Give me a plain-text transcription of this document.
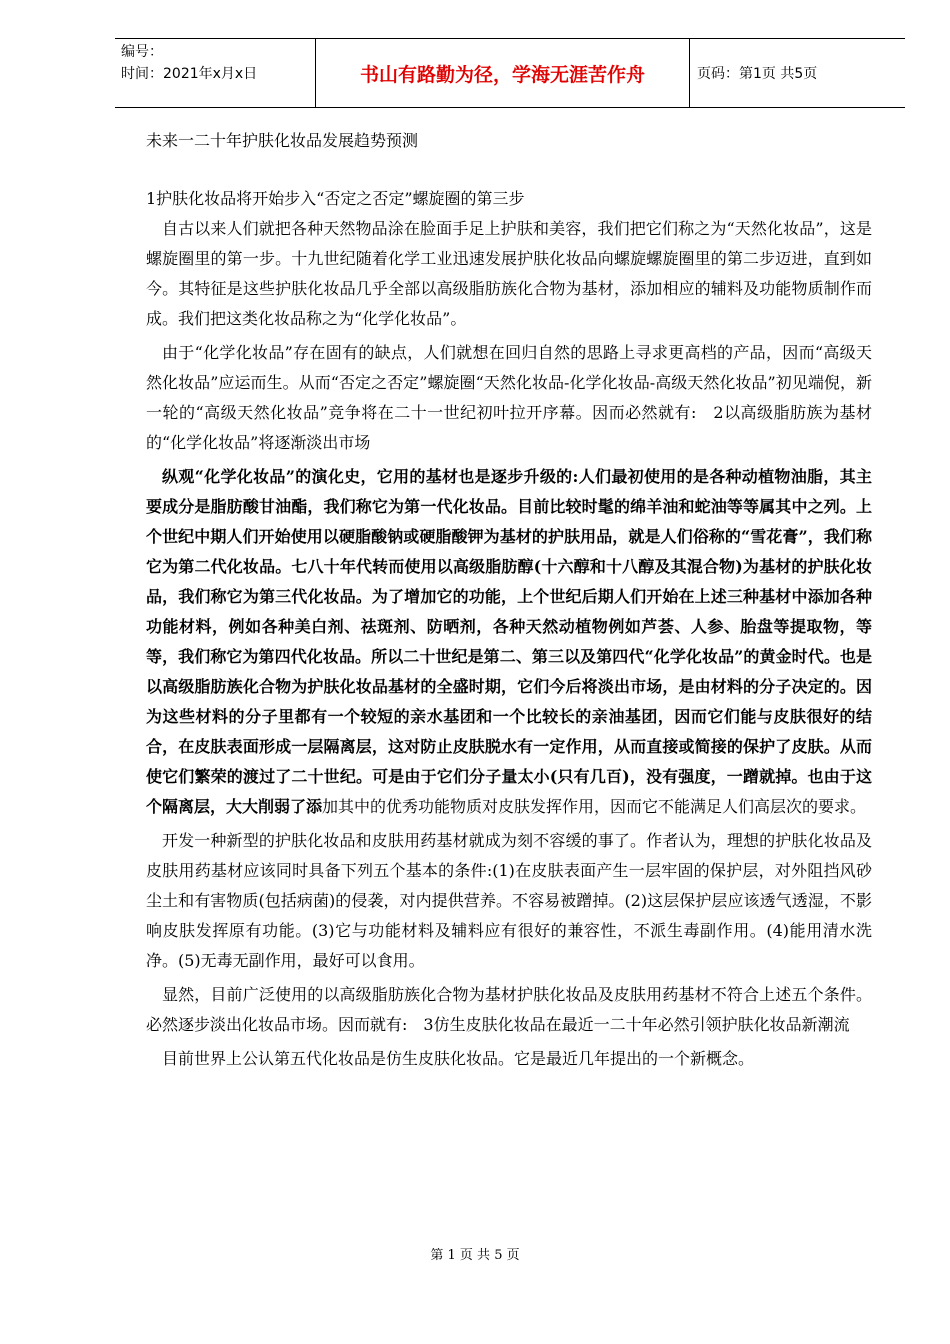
编号：
时间：2021年x月x日	书山有路勤为径，学海无涯苦作舟	页码：第1页 共5页
未来一二十年护肤化妆品发展趋势预测
1护肤化妆品将开始步入“否定之否定”螺旋圈的第三步

自古以来人们就把各种天然物品涂在脸面手足上护肤和美容，我们把它们称之为“天然化妆品”，这是螺旋圈里的第一步。十九世纪随着化学工业迅速发展护肤化妆品向螺旋螺旋圈里的第二步迈进，直到如今。其特征是这些护肤化妆品几乎全部以高级脂肪族化合物为基材，添加相应的辅料及功能物质制作而成。我们把这类化妆品称之为“化学化妆品”。

由于“化学化妆品”存在固有的缺点，人们就想在回归自然的思路上寻求更高档的产品，因而“高级天然化妆品”应运而生。从而“否定之否定”螺旋圈“天然化妆品-化学化妆品-高级天然化妆品”初见端倪，新一轮的“高级天然化妆品”竞争将在二十一世纪初叶拉开序幕。因而必然就有:　2以高级脂肪族为基材的“化学化妆品”将逐渐淡出市场

纵观“化学化妆品”的演化史，它用的基材也是逐步升级的:人们最初使用的是各种动植物油脂，其主要成分是脂肪酸甘油酯，我们称它为第一代化妆品。目前比较时髦的绵羊油和蛇油等等属其中之列。上个世纪中期人们开始使用以硬脂酸钠或硬脂酸钾为基材的护肤用品，就是人们俗称的“雪花膏”，我们称它为第二代化妆品。七八十年代转而使用以高级脂肪醇(十六醇和十八醇及其混合物)为基材的护肤化妆品，我们称它为第三代化妆品。为了增加它的功能，上个世纪后期人们开始在上述三种基材中添加各种功能材料，例如各种美白剂、祛斑剂、防晒剂，各种天然动植物例如芦荟、人参、胎盘等提取物，等等，我们称它为第四代化妆品。所以二十世纪是第二、第三以及第四代“化学化妆品”的黄金时代。也是以高级脂肪族化合物为护肤化妆品基材的全盛时期，它们今后将淡出市场，是由材料的分子决定的。因为这些材料的分子里都有一个较短的亲水基团和一个比较长的亲油基团，因而它们能与皮肤很好的结合，在皮肤表面形成一层隔离层，这对防止皮肤脱水有一定作用，从而直接或简接的保护了皮肤。从而使它们繁荣的渡过了二十世纪。可是由于它们分子量太小(只有几百)，没有强度，一蹭就掉。也由于这个隔离层，大大削弱了添加其中的优秀功能物质对皮肤发挥作用，因而它不能满足人们高层次的要求。

开发一种新型的护肤化妆品和皮肤用药基材就成为刻不容缓的事了。作者认为，理想的护肤化妆品及皮肤用药基材应该同时具备下列五个基本的条件:(1)在皮肤表面产生一层牢固的保护层，对外阻挡风砂尘土和有害物质(包括病菌)的侵袭，对内提供营养。不容易被蹭掉。(2)这层保护层应该透气透湿，不影响皮肤发挥原有功能。(3)它与功能材料及辅料应有很好的兼容性，不派生毒副作用。(4)能用清水洗净。(5)无毒无副作用，最好可以食用。

显然，目前广泛使用的以高级脂肪族化合物为基材护肤化妆品及皮肤用药基材不符合上述五个条件。必然逐步淡出化妆品市场。因而就有:　3仿生皮肤化妆品在最近一二十年必然引领护肤化妆品新潮流

目前世界上公认第五代化妆品是仿生皮肤化妆品。它是最近几年提出的一个新概念。

第 1 页 共 5 页
